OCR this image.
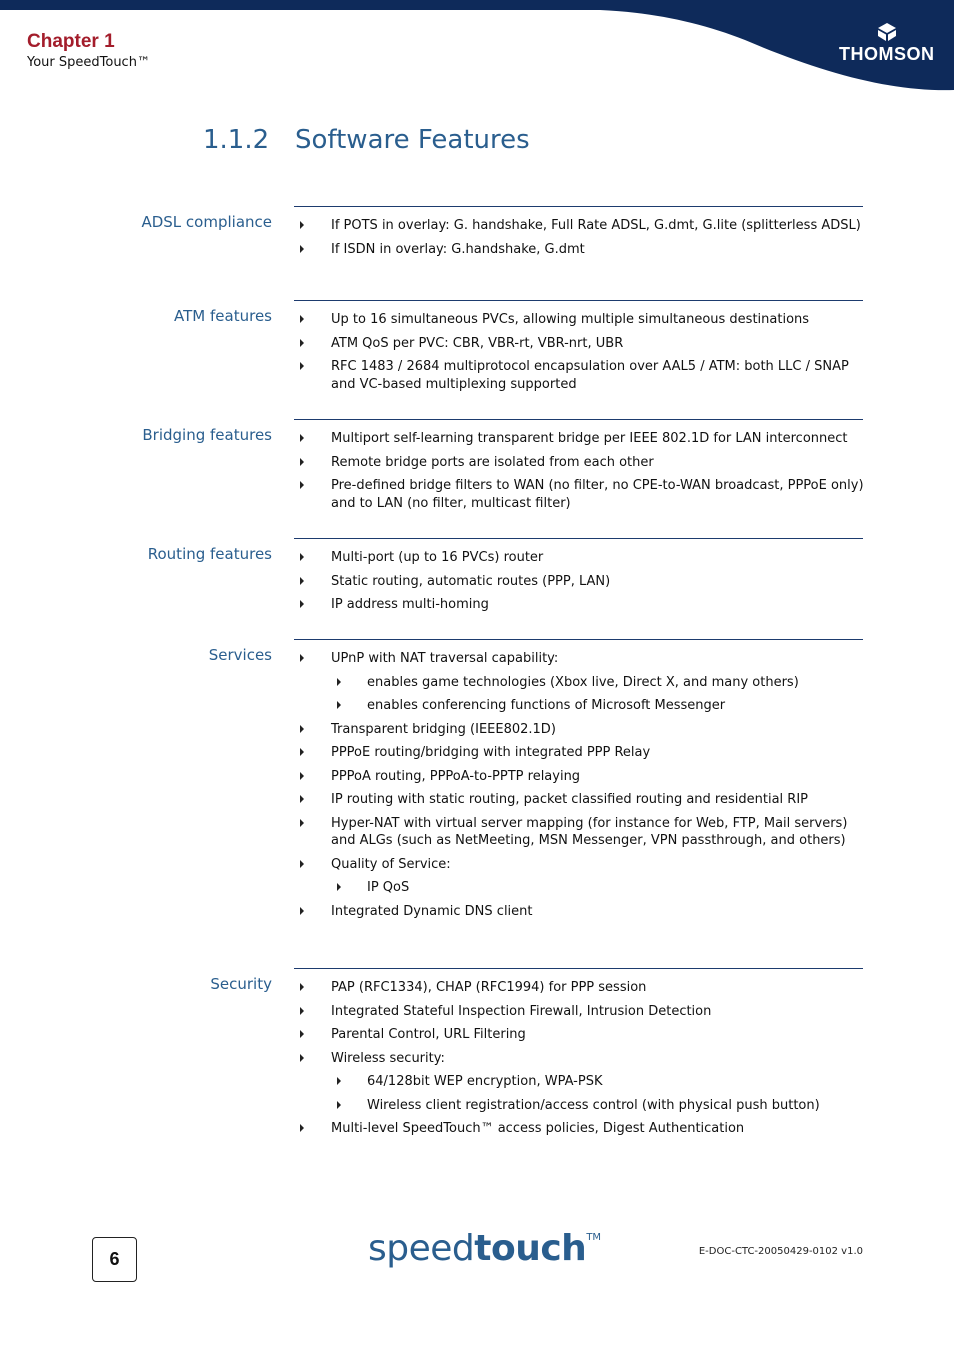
Chapter 1
Your SpeedTouch™	THOMSON
1.1.2 Software Features
ADSL compliance	If POTS in overlay: G. handshake, Full Rate ADSL, G.dmt, G.lite (splitterless ADSL)
If ISDN in overlay: G.handshake, G.dmt
ATM features	Up to 16 simultaneous PVCs, allowing multiple simultaneous destinations
ATM QoS per PVC: CBR, VBR-rt, VBR-nrt, UBR
RFC 1483 / 2684 multiprotocol encapsulation over AAL5 / ATM: both LLC / SNAP and VC-based multiplexing supported
Bridging features	Multiport self-learning transparent bridge per IEEE 802.1D for LAN interconnect
Remote bridge ports are isolated from each other
Pre-defined bridge filters to WAN (no filter, no CPE-to-WAN broadcast, PPPoE only) and to LAN (no filter, multicast filter)
Routing features	Multi-port (up to 16 PVCs) router
Static routing, automatic routes (PPP, LAN)
IP address multi-homing
Services	UPnP with NAT traversal capability:
enables game technologies (Xbox live, Direct X, and many others)
enables conferencing functions of Microsoft Messenger
Transparent bridging (IEEE802.1D)
PPPoE routing/bridging with integrated PPP Relay
PPPoA routing, PPPoA-to-PPTP relaying
IP routing with static routing, packet classified routing and residential RIP
Hyper-NAT with virtual server mapping (for instance for Web, FTP, Mail servers) and ALGs (such as NetMeeting, MSN Messenger, VPN passthrough, and others)
Quality of Service:
IP QoS
Integrated Dynamic DNS client
Security	PAP (RFC1334), CHAP (RFC1994) for PPP session
Integrated Stateful Inspection Firewall, Intrusion Detection
Parental Control, URL Filtering
Wireless security:
64/128bit WEP encryption, WPA-PSK
Wireless client registration/access control (with physical push button)
Multi-level SpeedTouch™ access policies, Digest Authentication
6	speedtouch™
E-DOC-CTC-20050429-0102 v1.0
